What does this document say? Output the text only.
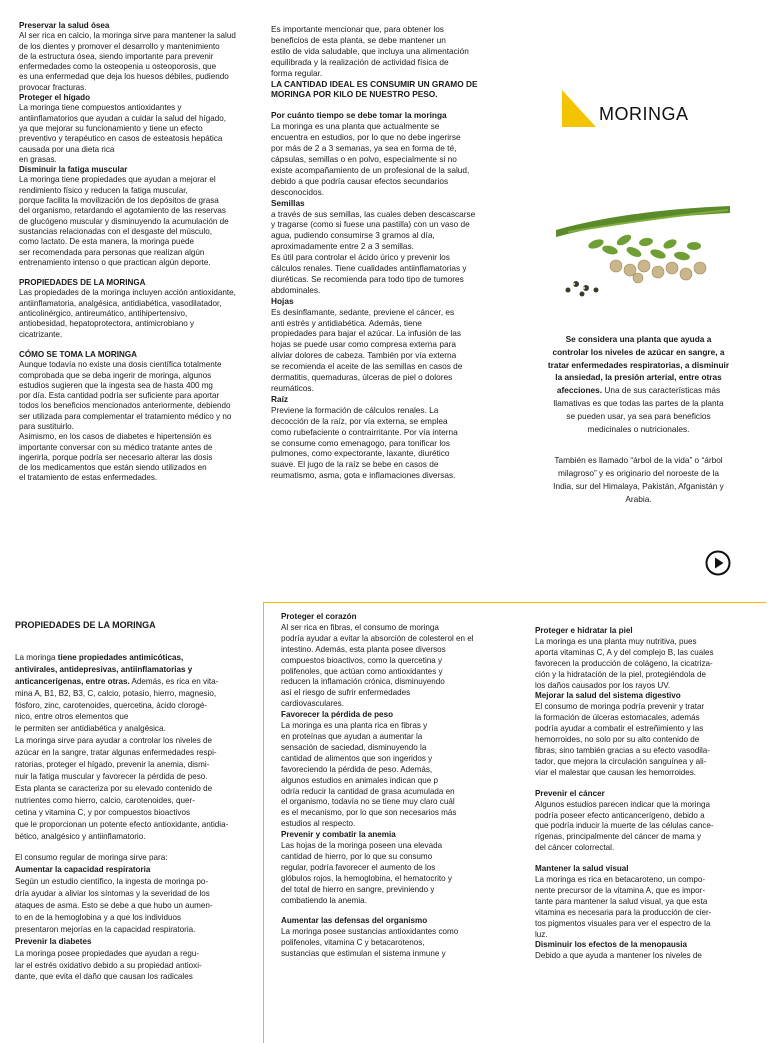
Preservar la salud ósea

Al ser rica en calcio, la moringa sirve para mantener la salud

de los dientes y promover el desarrollo y mantenimiento

de la estructura ósea, siendo importante para prevenir

enfermedades como la osteopenia u osteoporosis, que

es una enfermedad que deja los huesos débiles, pudiendo

provocar fracturas.

Proteger el hígado

La moringa tiene compuestos antioxidantes y

antiinflamatorios que ayudan a cuidar la salud del hígado,

ya que mejorar su funcionamiento y tiene un efecto

preventivo y terapéutico en casos de esteatosis hepática

causada por una dieta rica

en grasas.

Disminuir la fatiga muscular

La moringa tiene propiedades que ayudan a mejorar el

rendimiento físico y reducen la fatiga muscular,

porque facilita la movilización de los depósitos de grasa

del organismo, retardando el agotamiento de las reservas

de glucógeno muscular y disminuyendo la acumulación de

sustancias relacionadas con el desgaste del músculo,

como lactato. De esta manera, la moringa puede

ser recomendada para personas que realizan algún

entrenamiento intenso o que practican algún deporte.

PROPIEDADES DE LA MORINGA

Las propiedades de la moringa incluyen acción antioxidante,

antiinflamatoria, analgésica, antidiabética, vasodilatador,

anticolinérgico, antireumático, antihipertensivo,

antiobesidad, hepatoprotectora, antimicrobiano y

cicatrizante.

CÓMO SE TOMA LA MORINGA

Aunque todavía no existe una dosis científica totalmente

comprobada que se deba ingerir de moringa, algunos

estudios sugieren que la ingesta sea de hasta 400 mg

por día. Esta cantidad podría ser suficiente para aportar

todos los beneficios mencionados anteriormente, debiendo

ser utilizada para complementar el tratamiento médico y no

para sustituirlo.

Asimismo, en los casos de diabetes e hipertensión es

importante conversar con su médico tratante antes de

ingerirla, porque podría ser necesario alterar las dosis

de los medicamentos que están siendo utilizados en

el tratamiento de estas enfermedades.

Es importante mencionar que, para obtener los

beneficios de esta planta, se debe mantener un

estilo de vida saludable, que incluya una alimentación

equilibrada y la realización de actividad física de

forma regular.

LA CANTIDAD IDEAL ES CONSUMIR UN GRAMO DE

MORINGA POR KILO DE NUESTRO PESO.

Por cuánto tiempo se debe tomar la moringa

La moringa es una planta que actualmente se

encuentra en estudios, por lo que no debe ingerirse

por más de 2 a 3 semanas, ya sea en forma de té,

cápsulas, semillas o en polvo, especialmente si no

existe acompañamiento de un profesional de la salud,

debido a que podría causar efectos secundarios

desconocidos.

Semillas

a través de sus semillas, las cuales deben descascarse

y tragarse (como si fuese una pastilla) con un vaso de

agua, pudiendo consumirse 3 gramos al día,

aproximadamente entre 2 a 3 semillas.

Es útil para controlar el ácido úrico y prevenir los

cálculos renales. Tiene cualidades antiinflamatorias y

diuréticas. Se recomienda para todo tipo de tumores

abdominales.

Hojas

Es desinflamante, sedante, previene el cáncer, es

anti estrés y antidiabética. Además, tiene

propiedades para bajar el azúcar. La infusión de las

hojas se puede usar como compresa externa para

aliviar dolores de cabeza. También por vía externa

se recomienda el aceite de las semillas en casos de

dermatitis, quemaduras, úlceras de piel o dolores

reumáticos.

Raíz

Previene la formación de cálculos renales. La

decocción de la raíz, por vía externa, se emplea

como rubefaciente o contrairritante. Por vía interna

se consume como emenagogo, para tonificar los

pulmones, como expectorante, laxante, diurético

suave. El jugo de la raíz se bebe en casos de

reumatismo, asma, gota e inflamaciones diversas.

MORINGA

Se considera una planta que ayuda a

controlar los niveles de azúcar en sangre, a

tratar enfermedades respiratorias, a disminuir

la ansiedad, la presión arterial, entre otras

afecciones. Una de sus características más

llamativas es que todas las partes de la planta

se pueden usar, ya sea para beneficios

medicinales o nutricionales.

También es llamado “árbol de la vida” o “árbol

milagroso” y es originario del noroeste de la

India, sur del Himalaya, Pakistán, Afganistán y

Arabia.

PROPIEDADES DE LA MORINGA

La moringa tiene propiedades antimicóticas,

antivirales, antidepresivas, antiinflamatorias y

anticancerígenas, entre otras. Además, es rica en vita-

mina A, B1, B2, B3, C, calcio, potasio, hierro, magnesio,

fósforo, zinc, carotenoides, quercetina, ácido clorogé-

nico, entre otros elementos que

le permiten ser antidiabética y analgésica.

La moringa sirve para ayudar a controlar los niveles de

azúcar en la sangre, tratar algunas enfermedades respi-

ratorias, proteger el hígado, prevenir la anemia, dismi-

nuir la fatiga muscular y favorecer la pérdida de peso.

Esta planta se caracteriza por su elevado contenido de

nutrientes como hierro, calcio, carotenoides, quer-

cetina y vitamina C, y por compuestos bioactivos

que le proporcionan un potente efecto antioxidante, antidia-

bético, analgésico y antiinflamatorio.

El consumo regular de moringa sirve para:

Aumentar la capacidad respiratoria

Según un estudio científico, la ingesta de moringa po-

dría ayudar a aliviar los síntomas y la severidad de los

ataques de asma. Esto se debe a que hubo un aumen-

to en de la hemoglobina y a que los individuos

presentaron mejorías en la capacidad respiratoria.

Prevenir la diabetes

La moringa posee propiedades que ayudan a regu-

lar el estrés oxidativo debido a su propiedad antioxi-

dante, que evita el daño que causan los radicales

Proteger el corazón

Al ser rica en fibras, el consumo de moringa

podría ayudar a evitar la absorción de colesterol en el

intestino. Además, esta planta posee diversos

compuestos bioactivos, como la quercetina y

polifenoles, que actúan como antioxidantes y

reducen la inflamación crónica, disminuyendo

así el riesgo de sufrir enfermedades

cardiovasculares.

Favorecer la pérdida de peso

La moringa es una planta rica en fibras y

en proteínas que ayudan a aumentar la

sensación de saciedad, disminuyendo la

cantidad de alimentos que son ingeridos y

favoreciendo la pérdida de peso. Además,

algunos estudios en animales indican que p

odría reducir la cantidad de grasa acumulada en

el organismo, todavía no se tiene muy claro cuál

es el mecanismo, por lo que son necesarios más

estudios al respecto.

Prevenir y combatir la anemia

Las hojas de la moringa poseen una elevada

cantidad de hierro, por lo que su consumo

regular, podría favorecer el aumento de los

glóbulos rojos, la hemoglobina, el hematocrito y

del total de hierro en sangre, previniendo y

combatiendo la anemia.

Aumentar las defensas del organismo

La moringa posee sustancias antioxidantes como

polifenoles, vitamina C y betacarotenos,

sustancias que estimulan el sistema inmune y

Proteger e hidratar la piel

La moringa es una planta muy nutritiva, pues

aporta vitaminas C, A y del complejo B, las cuales

favorecen la producción de colágeno, la cicatriza-

ción y la hidratación de la piel, protegiéndola de

los daños causados por los rayos UV.

Mejorar la salud del sistema digestivo

El consumo de moringa podría prevenir y tratar

la formación de úlceras estomacales, además

podría ayudar a combatir el estreñimiento y las

hemorroides, no solo por su alto contenido de

fibras, sino también gracias a su efecto vasodila-

tador, que mejora la circulación sanguínea y ali-

viar el malestar que causan les hemorroides.

Prevenir el cáncer

Algunos estudios parecen indicar que la moringa

podría poseer efecto anticancerígeno, debido a

que podría inducir la muerte de las células cance-

rígenas, principalmente del cáncer de mama y

del cáncer colorrectal.

Mantener la salud visual

La moringa es rica en betacaroteno, un compo-

nente precursor de la vitamina A, que es impor-

tante para mantener la salud visual, ya que esta

vitamina es necesaria para la producción de cier-

tos pigmentos visuales para ver el espectro de la

luz.

Disminuir los efectos de la menopausia

Debido a que ayuda a mantener los niveles de
